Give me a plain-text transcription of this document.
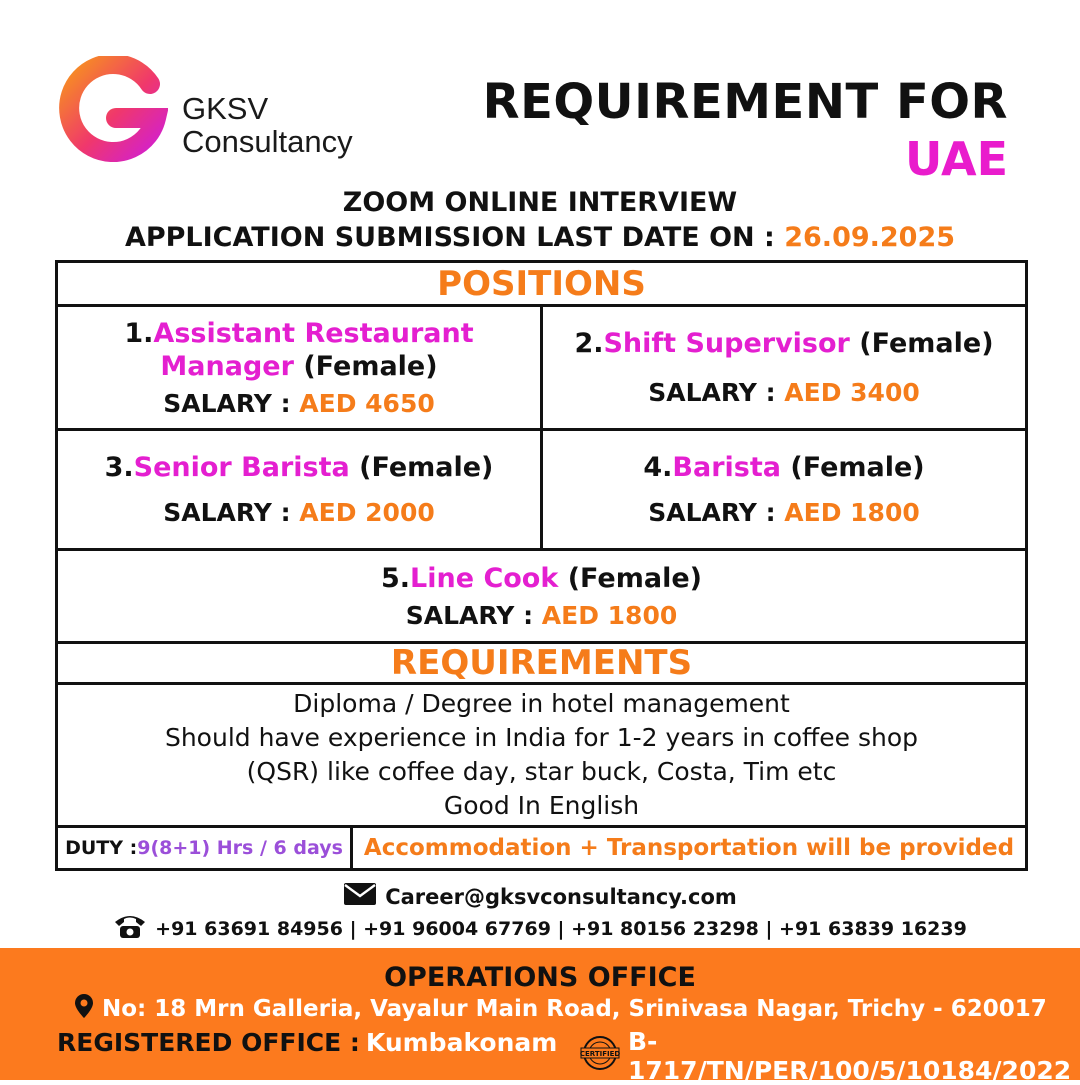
GKSV
Consultancy
REQUIREMENT FOR
UAE
ZOOM ONLINE INTERVIEW
APPLICATION SUBMISSION LAST DATE ON : 26.09.2025
POSITIONS
1.Assistant Restaurant
Manager (Female)
SALARY : AED 4650
2.Shift Supervisor (Female)
SALARY : AED 3400
3.Senior Barista (Female)
SALARY : AED 2000
4.Barista (Female)
SALARY : AED 1800
5.Line Cook (Female)
SALARY : AED 1800
REQUIREMENTS
Diploma / Degree in hotel management
Should have experience in India for 1-2 years in coffee shop
(QSR) like coffee day, star buck, Costa, Tim etc
Good In English
DUTY : 9(8+1) Hrs / 6 days Accommodation + Transportation will be provided
Career@gksvconsultancy.com
+91 63691 84956 | +91 96004 67769 | +91 80156 23298 | +91 63839 16239
OPERATIONS OFFICE
No: 18 Mrn Galleria, Vayalur Main Road, Srinivasa Nagar, Trichy - 620017
REGISTERED OFFICE : Kumbakonam	CERTIFIED B-1717/TN/PER/100/5/10184/2022
